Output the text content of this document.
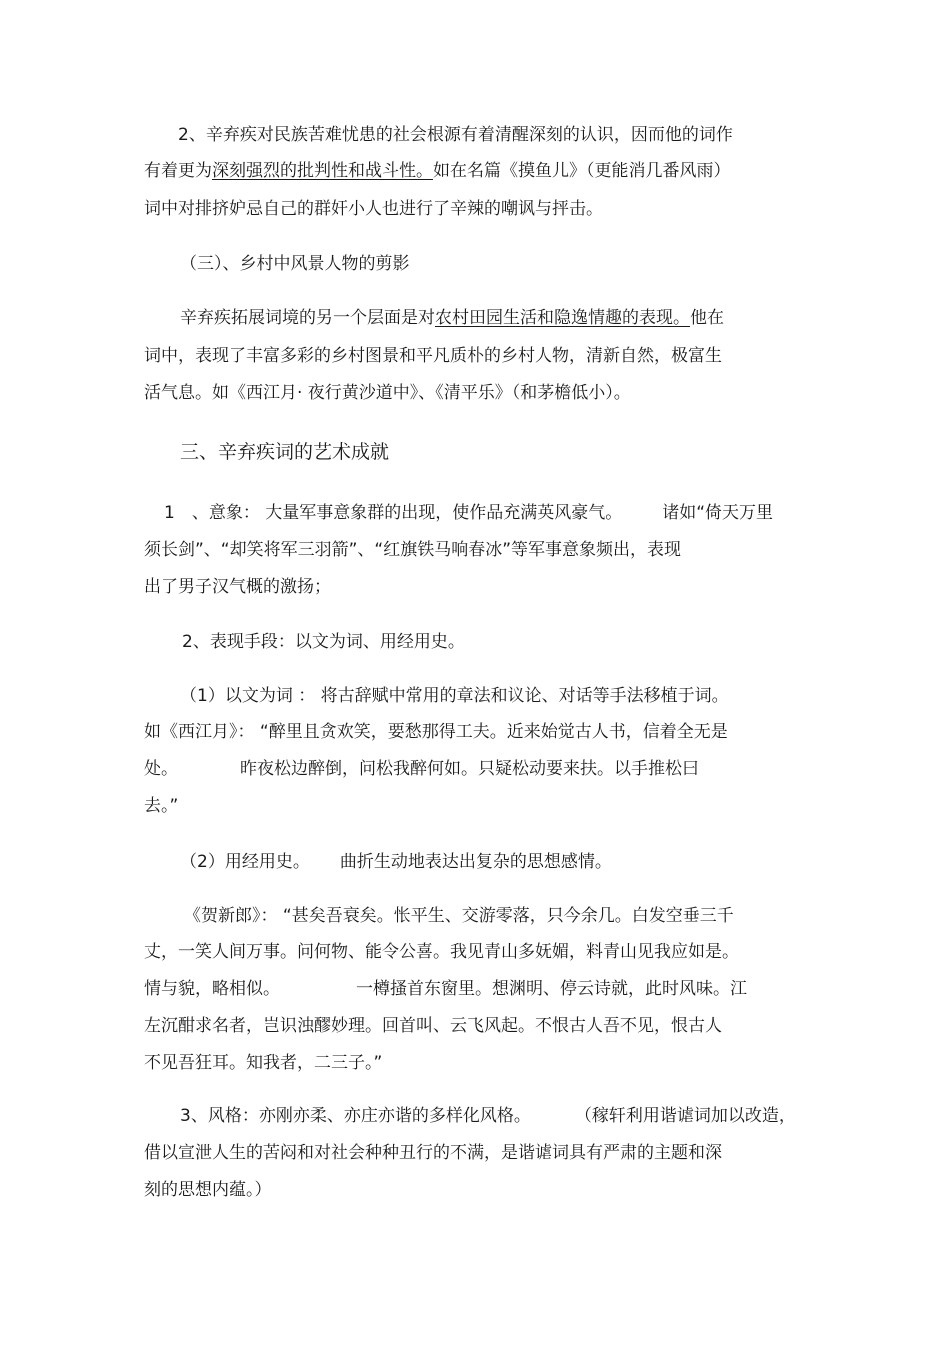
2、辛弃疾对民族苦难忧患的社会根源有着清醒深刻的认识，因而他的词作
有着更为深刻强烈的批判性和战斗性。如在名篇《摸鱼儿》（更能消几番风雨）
词中对排挤妒忌自己的群奸小人也进行了辛辣的嘲讽与抨击。
（三）、乡村中风景人物的剪影
辛弃疾拓展词境的另一个层面是对农村田园生活和隐逸情趣的表现。他在
词中，表现了丰富多彩的乡村图景和平凡质朴的乡村人物，清新自然，极富生
活气息。如《西江月· 夜行黄沙道中》、《清平乐》（和茅檐低小）。
三、辛弃疾词的艺术成就
1　、意象： 大量军事意象群的出现，使作品充满英风豪气。 诸如“倚天万里
须长剑”、“却笑将军三羽箭”、“红旗铁马响春冰”等军事意象频出，表现
出了男子汉气概的激扬；
2、表现手段：以文为词、用经用史。
（1）以文为词 ： 将古辞赋中常用的章法和议论、对话等手法移植于词。
如《西江月》： “醉里且贪欢笑，要愁那得工夫。近来始觉古人书，信着全无是
处。	昨夜松边醉倒，问松我醉何如。只疑松动要来扶。以手推松曰
去。”
（2）用经用史。 曲折生动地表达出复杂的思想感情。
《贺新郎》： “甚矣吾衰矣。怅平生、交游零落，只今余几。白发空垂三千
丈，一笑人间万事。问何物、能令公喜。我见青山多妩媚，料青山见我应如是。
情与貌，略相似。	一樽搔首东窗里。想渊明、停云诗就，此时风味。江
左沉酣求名者，岂识浊醪妙理。回首叫、云飞风起。不恨古人吾不见，恨古人
不见吾狂耳。知我者，二三子。”
3、风格：亦刚亦柔、亦庄亦谐的多样化风格。	（稼轩利用谐谑词加以改造，
借以宣泄人生的苦闷和对社会种种丑行的不满，是谐谑词具有严肃的主题和深
刻的思想内蕴。）
